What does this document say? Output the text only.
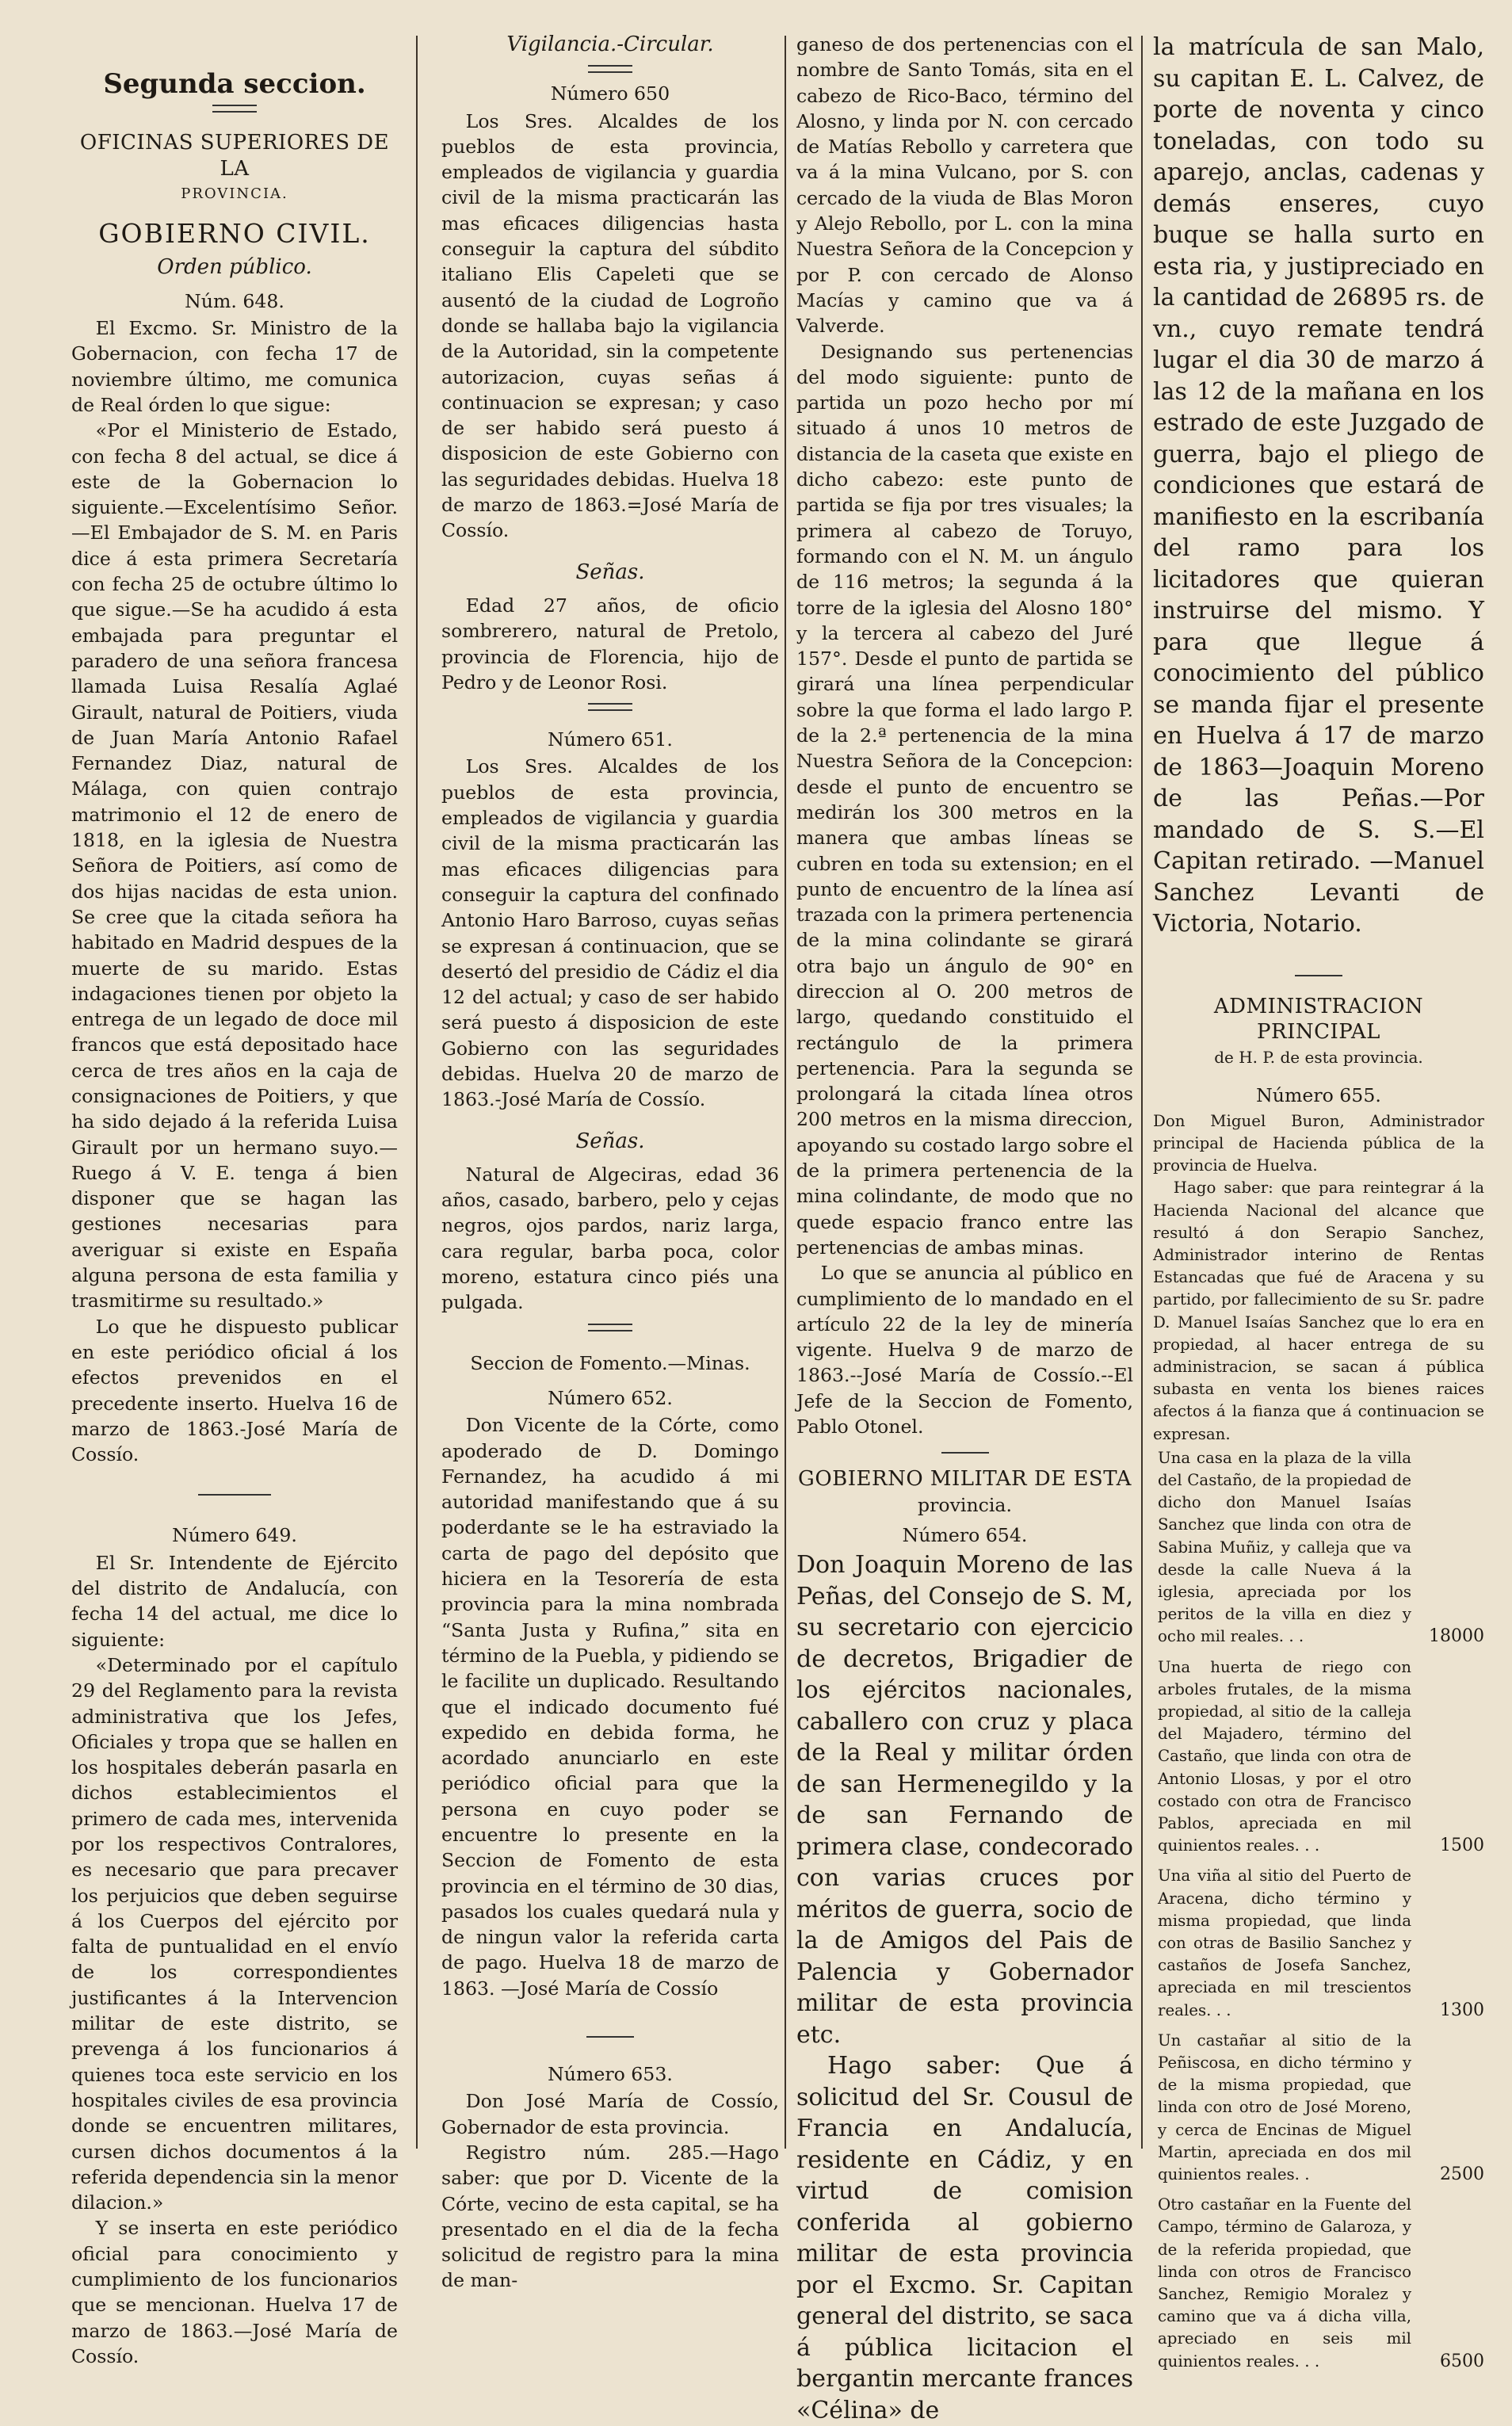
Segunda seccion.

OFICINAS SUPERIORES DE LA

PROVINCIA.

GOBIERNO CIVIL.

Orden público.

Núm. 648.

El Excmo. Sr. Ministro de la Gobernacion, con fecha 17 de noviembre último, me comunica de Real órden lo que sigue:

«Por el Ministerio de Estado, con fecha 8 del actual, se dice á este de la Gobernacion lo siguiente.—Excelentísimo Señor.—El Embajador de S. M. en Paris dice á esta primera Secretaría con fecha 25 de octubre último lo que sigue.—Se ha acudido á esta embajada para preguntar el paradero de una señora francesa llamada Luisa Resalía Aglaé Girault, natural de Poitiers, viuda de Juan María Antonio Rafael Fernandez Diaz, natural de Málaga, con quien contrajo matrimonio el 12 de enero de 1818, en la iglesia de Nuestra Señora de Poitiers, así como de dos hijas nacidas de esta union. Se cree que la citada señora ha habitado en Madrid despues de la muerte de su marido. Estas indagaciones tienen por objeto la entrega de un legado de doce mil francos que está depositado hace cerca de tres años en la caja de consignaciones de Poitiers, y que ha sido dejado á la referida Luisa Girault por un hermano suyo.—Ruego á V. E. tenga á bien disponer que se hagan las gestiones necesarias para averiguar si existe en España alguna persona de esta familia y trasmitirme su resultado.»

Lo que he dispuesto publicar en este periódico oficial á los efectos prevenidos en el precedente inserto. Huelva 16 de marzo de 1863.-José María de Cossío.

Número 649.

El Sr. Intendente de Ejército del distrito de Andalucía, con fecha 14 del actual, me dice lo siguiente:

«Determinado por el capítulo 29 del Reglamento para la revista administrativa que los Jefes, Oficiales y tropa que se hallen en los hospitales deberán pasarla en dichos establecimientos el primero de cada mes, intervenida por los respectivos Contralores, es necesario que para precaver los perjuicios que deben seguirse á los Cuerpos del ejército por falta de puntualidad en el envío de los correspondientes justificantes á la Intervencion militar de este distrito, se prevenga á los funcionarios á quienes toca este servicio en los hospitales civiles de esa provincia donde se encuentren militares, cursen dichos documentos á la referida dependencia sin la menor dilacion.»

Y se inserta en este periódico oficial para conocimiento y cumplimiento de los funcionarios que se mencionan. Huelva 17 de marzo de 1863.—José María de Cossío.

Vigilancia.-Circular.

Número 650

Los Sres. Alcaldes de los pueblos de esta provincia, empleados de vigilancia y guardia civil de la misma practicarán las mas eficaces diligencias hasta conseguir la captura del súbdito italiano Elis Capeleti que se ausentó de la ciudad de Logroño donde se hallaba bajo la vigilancia de la Autoridad, sin la competente autorizacion, cuyas señas á continuacion se expresan; y caso de ser habido será puesto á disposicion de este Gobierno con las seguridades debidas. Huelva 18 de marzo de 1863.=José María de Cossío.

Señas.

Edad 27 años, de oficio sombrerero, natural de Pretolo, provincia de Florencia, hijo de Pedro y de Leonor Rosi.

Número 651.

Los Sres. Alcaldes de los pueblos de esta provincia, empleados de vigilancia y guardia civil de la misma practicarán las mas eficaces diligencias para conseguir la captura del confinado Antonio Haro Barroso, cuyas señas se expresan á continuacion, que se desertó del presidio de Cádiz el dia 12 del actual; y caso de ser habido será puesto á disposicion de este Gobierno con las seguridades debidas. Huelva 20 de marzo de 1863.-José María de Cossío.

Señas.

Natural de Algeciras, edad 36 años, casado, barbero, pelo y cejas negros, ojos pardos, nariz larga, cara regular, barba poca, color moreno, estatura cinco piés una pulgada.

Seccion de Fomento.—Minas.

Número 652.

Don Vicente de la Córte, como apoderado de D. Domingo Fernandez, ha acudido á mi autoridad manifestando que á su poderdante se le ha estraviado la carta de pago del depósito que hiciera en la Tesorería de esta provincia para la mina nombrada “Santa Justa y Rufina,” sita en término de la Puebla, y pidiendo se le facilite un duplicado. Resultando que el indicado documento fué expedido en debida forma, he acordado anunciarlo en este periódico oficial para que la persona en cuyo poder se encuentre lo presente en la Seccion de Fomento de esta provincia en el término de 30 dias, pasados los cuales quedará nula y de ningun valor la referida carta de pago. Huelva 18 de marzo de 1863. —José María de Cossío

Número 653.

Don José María de Cossío, Gobernador de esta provincia.

Registro núm. 285.—Hago saber: que por D. Vicente de la Córte, vecino de esta capital, se ha presentado en el dia de la fecha solicitud de registro para la mina de man-

ganeso de dos pertenencias con el nombre de Santo Tomás, sita en el cabezo de Rico-Baco, término del Alosno, y linda por N. con cercado de Matías Rebollo y carretera que va á la mina Vulcano, por S. con cercado de la viuda de Blas Moron y Alejo Rebollo, por L. con la mina Nuestra Señora de la Concepcion y por P. con cercado de Alonso Macías y camino que va á Valverde.

Designando sus pertenencias del modo siguiente: punto de partida un pozo hecho por mí situado á unos 10 metros de distancia de la caseta que existe en dicho cabezo: este punto de partida se fija por tres visuales; la primera al cabezo de Toruyo, formando con el N. M. un ángulo de 116 metros; la segunda á la torre de la iglesia del Alosno 180° y la tercera al cabezo del Juré 157°. Desde el punto de partida se girará una línea perpendicular sobre la que forma el lado largo P. de la 2.ª pertenencia de la mina Nuestra Señora de la Concepcion: desde el punto de encuentro se medirán los 300 metros en la manera que ambas líneas se cubren en toda su extension; en el punto de encuentro de la línea así trazada con la primera pertenencia de la mina colindante se girará otra bajo un ángulo de 90° en direccion al O. 200 metros de largo, quedando constituido el rectángulo de la primera pertenencia. Para la segunda se prolongará la citada línea otros 200 metros en la misma direccion, apoyando su costado largo sobre el de la primera pertenencia de la mina colindante, de modo que no quede espacio franco entre las pertenencias de ambas minas.

Lo que se anuncia al público en cumplimiento de lo mandado en el artículo 22 de la ley de minería vigente. Huelva 9 de marzo de 1863.--José María de Cossío.--El Jefe de la Seccion de Fomento, Pablo Otonel.

GOBIERNO MILITAR DE ESTA

provincia.

Número 654.

Don Joaquin Moreno de las Peñas, del Consejo de S. M, su secretario con ejercicio de decretos, Brigadier de los ejércitos nacionales, caballero con cruz y placa de la Real y militar órden de san Hermenegildo y la de san Fernando de primera clase, condecorado con varias cruces por méritos de guerra, socio de la de Amigos del Pais de Palencia y Gobernador militar de esta provincia etc.

Hago saber: Que á solicitud del Sr. Cousul de Francia en Andalucía, residente en Cádiz, y en virtud de comision conferida al gobierno militar de esta provincia por el Excmo. Sr. Capitan general del distrito, se saca á pública licitacion el bergantin mercante frances «Célina» de

la matrícula de san Malo, su capitan E. L. Calvez, de porte de noventa y cinco toneladas, con todo su aparejo, anclas, cadenas y demás enseres, cuyo buque se halla surto en esta ria, y justipreciado en la cantidad de 26895 rs. de vn., cuyo remate tendrá lugar el dia 30 de marzo á las 12 de la mañana en los estrado de este Juzgado de guerra, bajo el pliego de condiciones que estará de manifiesto en la escribanía del ramo para los licitadores que quieran instruirse del mismo. Y para que llegue á conocimiento del público se manda fijar el presente en Huelva á 17 de marzo de 1863—Joaquin Moreno de las Peñas.—Por mandado de S. S.—El Capitan retirado. —Manuel Sanchez Levanti de Victoria, Notario.

ADMINISTRACION PRINCIPAL

de H. P. de esta provincia.

Número 655.

Don Miguel Buron, Administrador principal de Hacienda pública de la provincia de Huelva.

Hago saber: que para reintegrar á la Hacienda Nacional del alcance que resultó á don Serapio Sanchez, Administrador interino de Rentas Estancadas que fué de Aracena y su partido, por fallecimiento de su Sr. padre D. Manuel Isaías Sanchez que lo era en propiedad, al hacer entrega de su administracion, se sacan á pública subasta en venta los bienes raices afectos á la fianza que á continuacion se expresan.

Una casa en la plaza de la villa del Castaño, de la propiedad de dicho don Manuel Isaías Sanchez que linda con otra de Sabina Muñiz, y calleja que va desde la calle Nueva á la iglesia, apreciada por los peritos de la villa en diez y ocho mil reales. . .	18000
Una huerta de riego con arboles frutales, de la misma propiedad, al sitio de la calleja del Majadero, término del Castaño, que linda con otra de Antonio Llosas, y por el otro costado con otra de Francisco Pablos, apreciada en mil quinientos reales. . .	1500
Una viña al sitio del Puerto de Aracena, dicho término y misma propiedad, que linda con otras de Basilio Sanchez y castaños de Josefa Sanchez, apreciada en mil trescientos reales. . .	1300
Un castañar al sitio de la Peñiscosa, en dicho término y de la misma propiedad, que linda con otro de José Moreno, y cerca de Encinas de Miguel Martin, apreciada en dos mil quinientos reales. .	2500
Otro castañar en la Fuente del Campo, término de Galaroza, y de la referida propiedad, que linda con otros de Francisco Sanchez, Remigio Moralez y camino que va á dicha villa, apreciado en seis mil quinientos reales. . .	6500
